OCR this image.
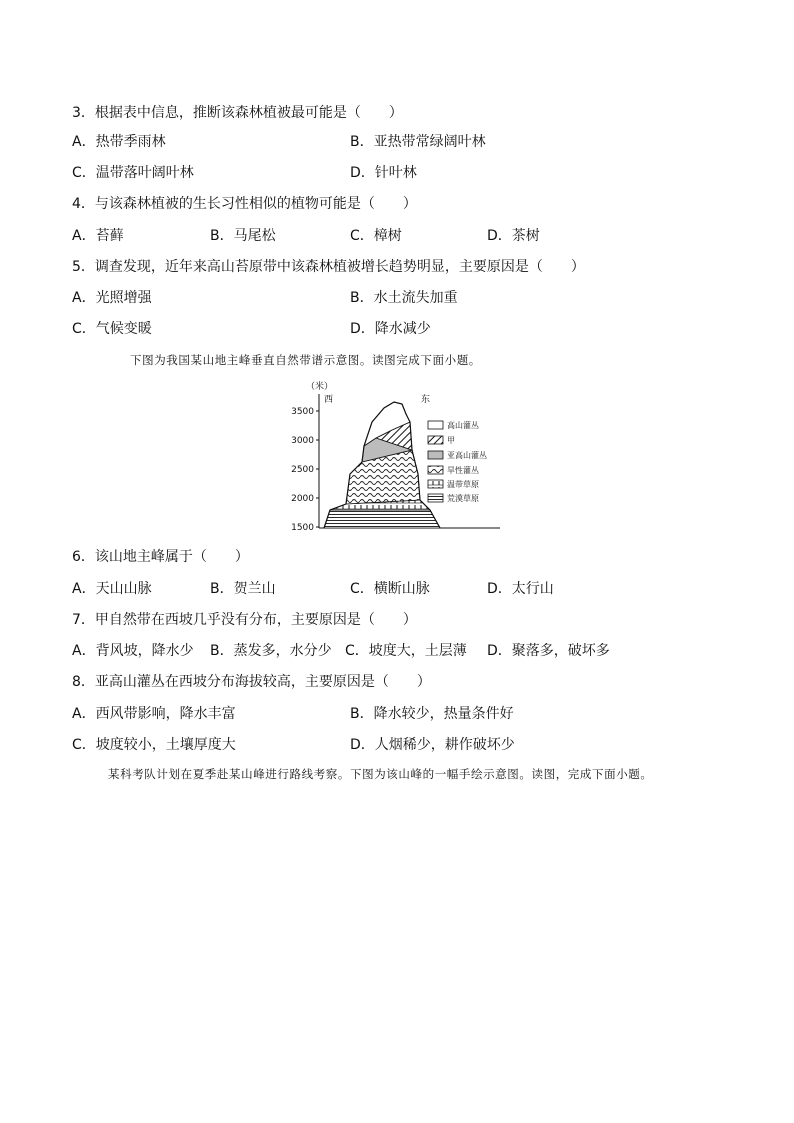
3．根据表中信息，推断该森林植被最可能是（　　）
A．热带季雨林	B．亚热带常绿阔叶林
C．温带落叶阔叶林	D．针叶林
4．与该森林植被的生长习性相似的植物可能是（　　）
A．苔藓	B．马尾松	C．樟树	D．茶树
5．调查发现，近年来高山苔原带中该森林植被增长趋势明显，主要原因是（　　）
A．光照增强	B．水土流失加重
C．气候变暖	D．降水减少
下图为我国某山地主峰垂直自然带谱示意图。读图完成下面小题。
（米）
西	东
3500
3000
2500
2000
1500
高山灌丛
甲
亚高山灌丛
旱性灌丛
温带草原
荒漠草原
6．该山地主峰属于（　　）
A．天山山脉	B．贺兰山	C．横断山脉	D．太行山
7．甲自然带在西坡几乎没有分布，主要原因是（　　）
A．背风坡，降水少 B．蒸发多，水分少 C．坡度大，土层薄 D．聚落多，破坏多
8．亚高山灌丛在西坡分布海拔较高，主要原因是（　　）
A．西风带影响，降水丰富	B．降水较少，热量条件好
C．坡度较小，土壤厚度大	D．人烟稀少，耕作破坏少
某科考队计划在夏季赴某山峰进行路线考察。下图为该山峰的一幅手绘示意图。读图，完成下面小题。
